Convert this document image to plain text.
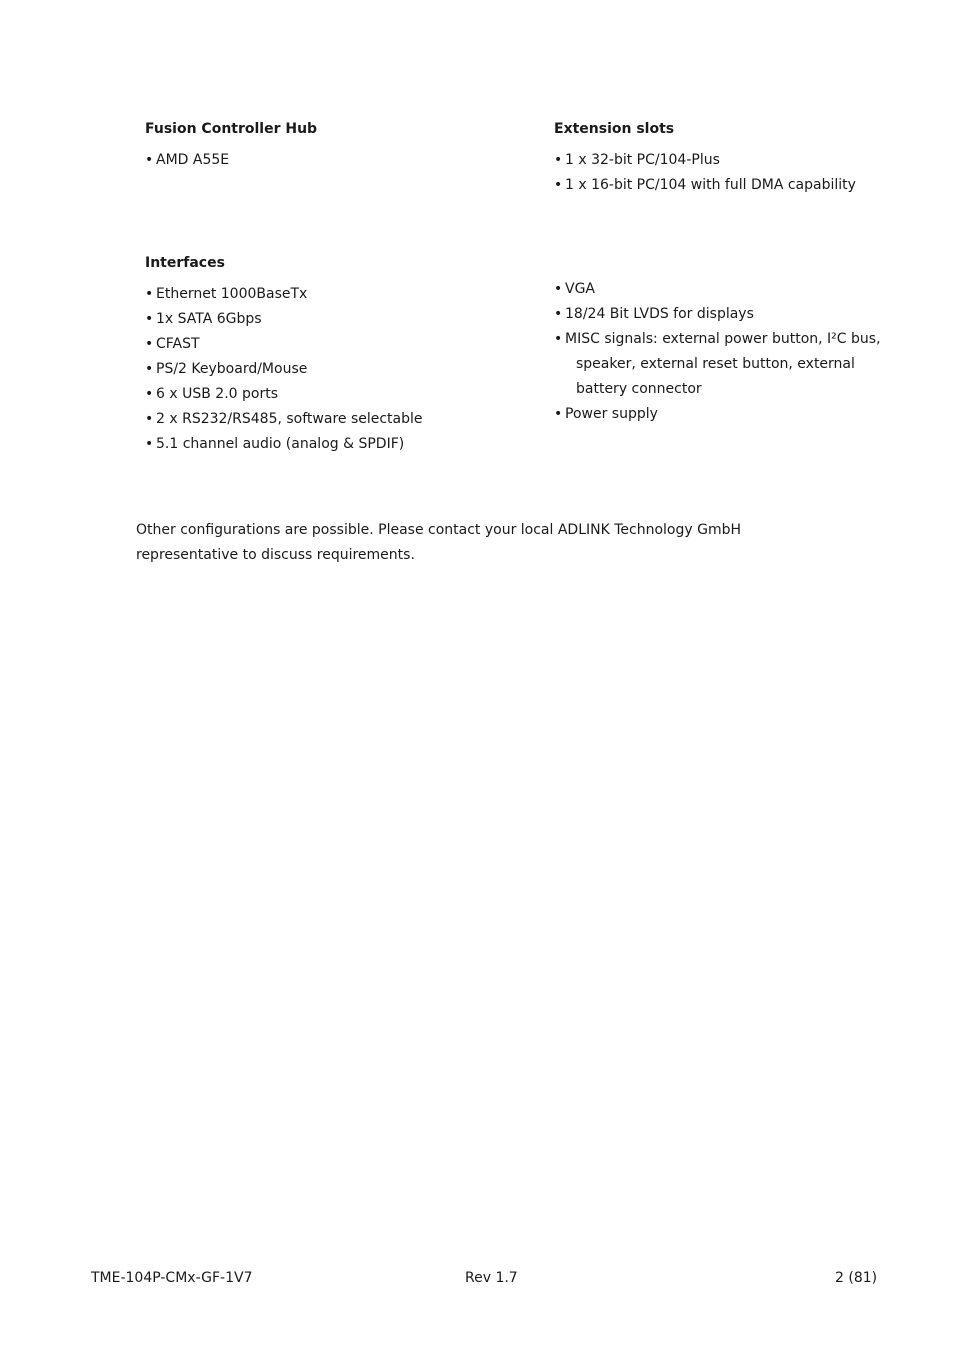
Fusion Controller Hub
• AMD A55E
Extension slots
• 1 x 32-bit PC/104-Plus
• 1 x 16-bit PC/104 with full DMA capability
Interfaces
• Ethernet 1000BaseTx
• 1x SATA 6Gbps
• CFAST
• PS/2 Keyboard/Mouse
• 6 x USB 2.0 ports
• 2 x RS232/RS485, software selectable
• 5.1 channel audio (analog & SPDIF)
• VGA
• 18/24 Bit LVDS for displays
• MISC signals: external power button, I²C bus,
speaker, external reset button, external
battery connector
• Power supply
Other configurations are possible. Please contact your local ADLINK Technology GmbH
representative to discuss requirements.
TME-104P-CMx-GF-1V7	Rev 1.7	2 (81)
